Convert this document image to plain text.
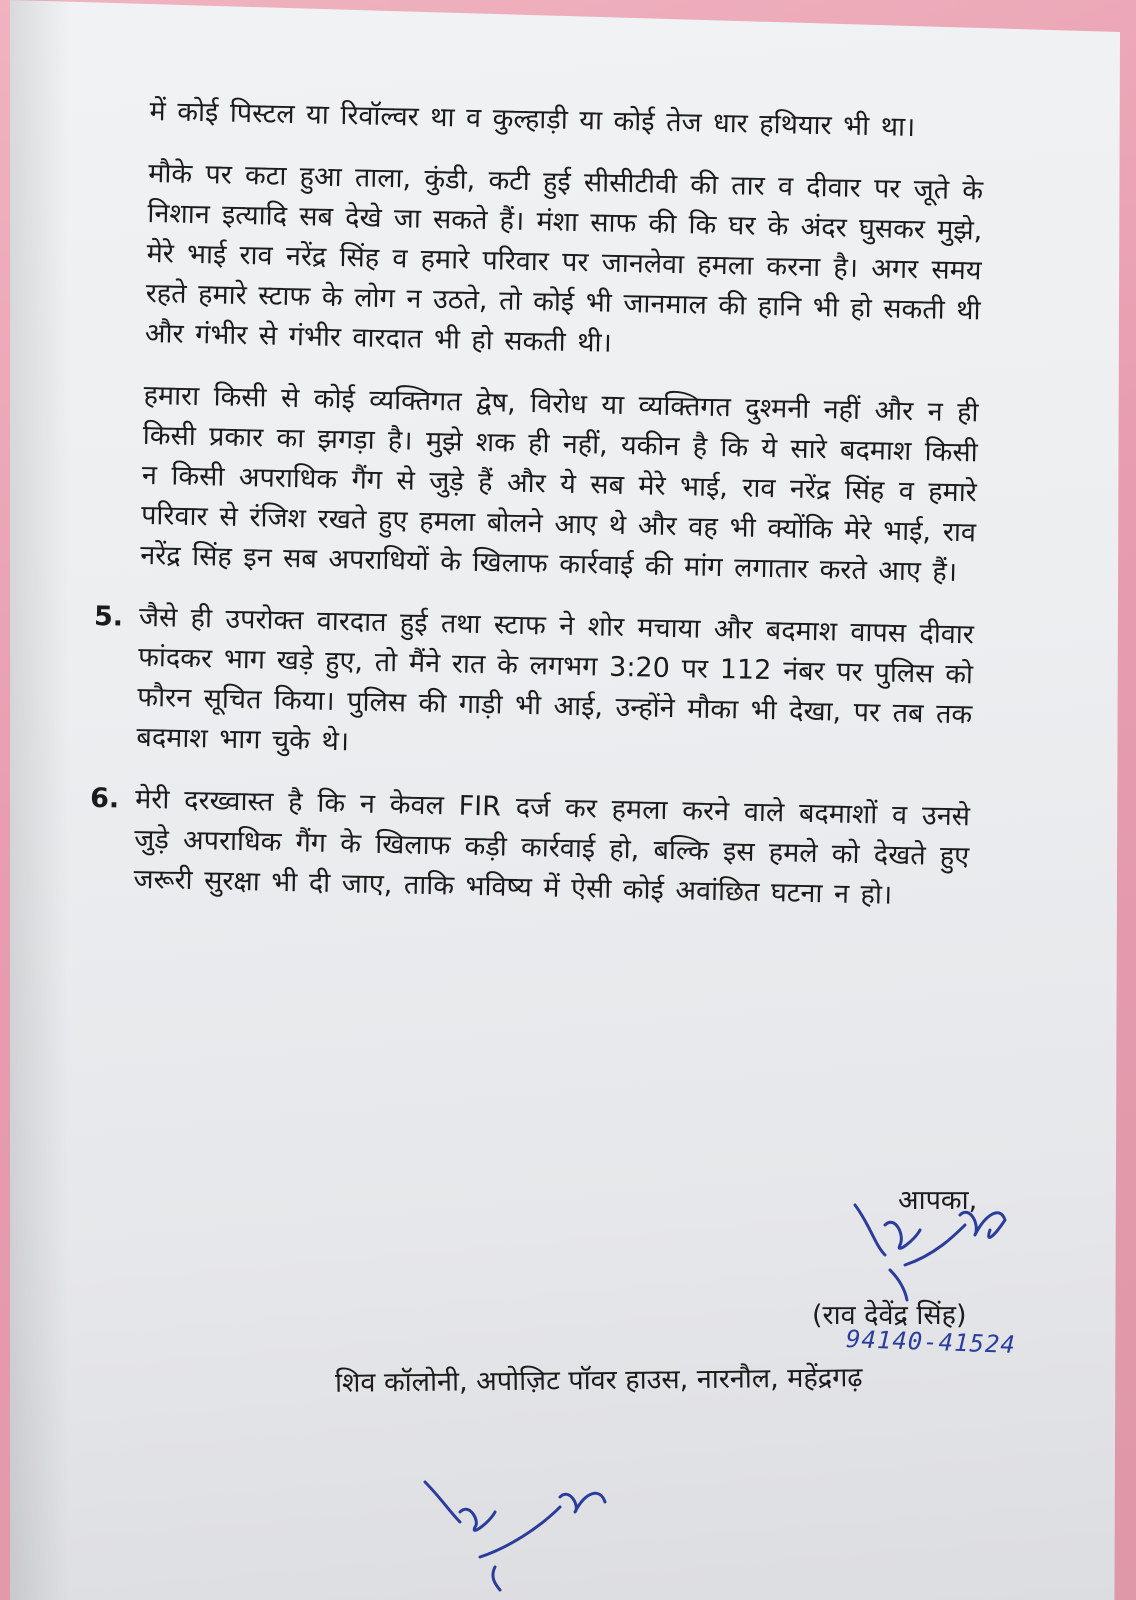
में कोई पिस्टल या रिवॉल्वर था व कुल्हाड़ी या कोई तेज धार हथियार भी था।

मौके पर कटा हुआ ताला, कुंडी, कटी हुई सीसीटीवी की तार व दीवार पर जूते के निशान इत्यादि सब देखे जा सकते हैं। मंशा साफ की कि घर के अंदर घुसकर मुझे, मेरे भाई राव नरेंद्र सिंह व हमारे परिवार पर जानलेवा हमला करना है। अगर समय रहते हमारे स्टाफ के लोग न उठते, तो कोई भी जानमाल की हानि भी हो सकती थी और गंभीर से गंभीर वारदात भी हो सकती थी।

हमारा किसी से कोई व्यक्तिगत द्वेष, विरोध या व्यक्तिगत दुश्मनी नहीं और न ही किसी प्रकार का झगड़ा है। मुझे शक ही नहीं, यकीन है कि ये सारे बदमाश किसी न किसी अपराधिक गैंग से जुड़े हैं और ये सब मेरे भाई, राव नरेंद्र सिंह व हमारे परिवार से रंजिश रखते हुए हमला बोलने आए थे और वह भी क्योंकि मेरे भाई, राव नरेंद्र सिंह इन सब अपराधियों के खिलाफ कार्रवाई की मांग लगातार करते आए हैं।

5. जैसे ही उपरोक्त वारदात हुई तथा स्टाफ ने शोर मचाया और बदमाश वापस दीवार फांदकर भाग खड़े हुए, तो मैंने रात के लगभग 3:20 पर 112 नंबर पर पुलिस को फौरन सूचित किया। पुलिस की गाड़ी भी आई, उन्होंने मौका भी देखा, पर तब तक बदमाश भाग चुके थे।

6. मेरी दरख्वास्त है कि न केवल FIR दर्ज कर हमला करने वाले बदमाशों व उनसे जुड़े अपराधिक गैंग के खिलाफ कड़ी कार्रवाई हो, बल्कि इस हमले को देखते हुए जरूरी सुरक्षा भी दी जाए, ताकि भविष्य में ऐसी कोई अवांछित घटना न हो।

आपका,
(राव देवेंद्र सिंह)
94140-41524
शिव कॉलोनी, अपोज़िट पॉवर हाउस, नारनौल, महेंद्रगढ़
